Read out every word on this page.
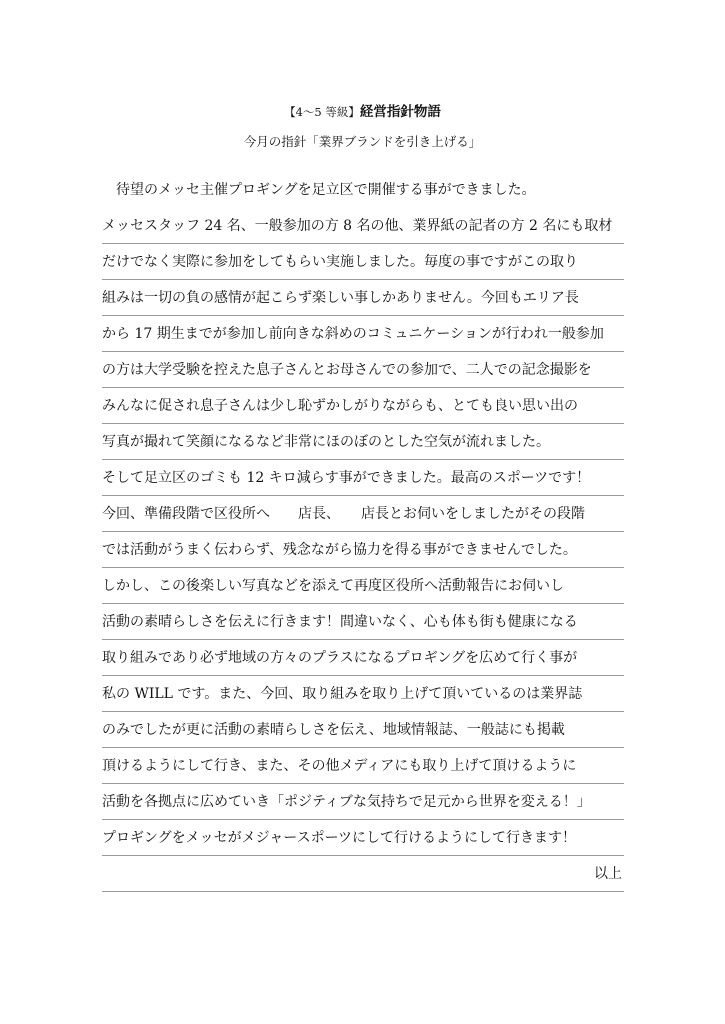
【4～5 等級】経営指針物語
今月の指針「業界ブランドを引き上げる」
待望のメッセ主催プロギングを足立区で開催する事ができました。
メッセスタッフ 24 名、一般参加の方 8 名の他、業界紙の記者の方 2 名にも取材
だけでなく実際に参加をしてもらい実施しました。毎度の事ですがこの取り
組みは一切の負の感情が起こらず楽しい事しかありません。今回もエリア長
から 17 期生までが参加し前向きな斜めのコミュニケーションが行われ一般参加
の方は大学受験を控えた息子さんとお母さんでの参加で、二人での記念撮影を
みんなに促され息子さんは少し恥ずかしがりながらも、とても良い思い出の
写真が撮れて笑顔になるなど非常にほのぼのとした空気が流れました。
そして足立区のゴミも 12 キロ減らす事ができました。最高のスポーツです！
今回、準備段階で区役所へ　　店長、　　店長とお伺いをしましたがその段階
では活動がうまく伝わらず、残念ながら協力を得る事ができませんでした。
しかし、この後楽しい写真などを添えて再度区役所へ活動報告にお伺いし
活動の素晴らしさを伝えに行きます！間違いなく、心も体も街も健康になる
取り組みであり必ず地域の方々のプラスになるプロギングを広めて行く事が
私の WILL です。また、今回、取り組みを取り上げて頂いているのは業界誌
のみでしたが更に活動の素晴らしさを伝え、地域情報誌、一般誌にも掲載
頂けるようにして行き、また、その他メディアにも取り上げて頂けるように
活動を各拠点に広めていき「ポジティブな気持ちで足元から世界を変える！」
プロギングをメッセがメジャースポーツにして行けるようにして行きます！
以上
